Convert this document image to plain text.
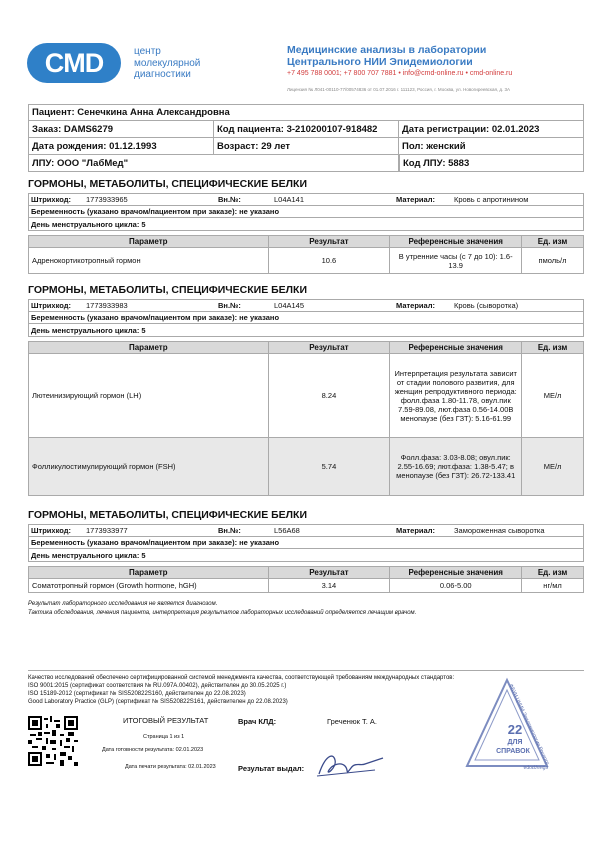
CMD	центр
молекулярной
диагностики
Медицинские анализы в лаборатории
Центрального НИИ Эпидемиологии
+7 495 788 0001; +7 800 707 7881 • info@cmd-online.ru • cmd-online.ru
Лицензия № Л041-00110-77/00574836 от 01.07.2016 г. 111123, Россия, г. Москва, ул. Новогиреевская, д. 3А
Пациент: Сенечкина Анна Александровна
Заказ: DAMS6279	Код пациента: 3-210200107-918482	Дата регистрации: 02.01.2023
Дата рождения: 01.12.1993	Возраст: 29 лет	Пол: женский
ЛПУ: ООО "ЛабМед"	Код ЛПУ: 5883
ГОРМОНЫ, МЕТАБОЛИТЫ, СПЕЦИФИЧЕСКИЕ БЕЛКИ
Штрихкод:	1773933965	Вн.№:	L04A141	Материал:	Кровь с апротинином
Беременность (указано врачом/пациентом при заказе): не указано
День менструального цикла: 5
Параметр	Результат	Референсные значения	Ед. изм
Адренокортикотропный гормон	10.6	В утренние часы (с 7 до 10): 1.6-13.9	пмоль/л
ГОРМОНЫ, МЕТАБОЛИТЫ, СПЕЦИФИЧЕСКИЕ БЕЛКИ
Штрихкод:	1773933983	Вн.№:	L04A145	Материал:	Кровь (сыворотка)
Беременность (указано врачом/пациентом при заказе): не указано
День менструального цикла: 5
Параметр	Результат	Референсные значения	Ед. изм
Лютеинизирующий гормон (LH)	8.24	Интерпретация результата зависит от стадии полового развития, для женщин репродуктивного периода: фолл.фаза 1.80-11.78, овул.пик 7.59-89.08, лют.фаза 0.56-14.00В менопаузе (без ГЗТ): 5.16-61.99	МЕ/л
Фолликулостимулирующий гормон (FSH)	5.74	Фолл.фаза: 3.03-8.08; овул.пик: 2.55-16.69; лют.фаза: 1.38-5.47; в менопаузе (без ГЗТ): 26.72-133.41	МЕ/л
ГОРМОНЫ, МЕТАБОЛИТЫ, СПЕЦИФИЧЕСКИЕ БЕЛКИ
Штрихкод:	1773933977	Вн.№:	L56A68	Материал:	Замороженная сыворотка
Беременность (указано врачом/пациентом при заказе): не указано
День менструального цикла: 5
Параметр	Результат	Референсные значения	Ед. изм
Соматотропный гормон (Growth hormone, hGH)	3.14	0.06-5.00	нг/мл
Результат лабораторного исследования не является диагнозом.
Тактика обследования, лечения пациента, интерпретация результатов лабораторных исследований определяется лечащим врачом.
Качество исследований обеспечено сертифицированной системой менеджмента качества, соответствующей требованиям международных стандартов:
ISO 9001:2015 (сертификат соответствия № RU.097A.00402), действителен до 30.05.2025 г.)
ISO 15189-2012 (сертификат № SIS520822S160, действителен до 22.08.2023)
Good Laboratory Practice (GLP) (сертификат № SIS520822S161, действителен до 22.08.2023)
ИТОГОВЫЙ РЕЗУЛЬТАТ
Страница 1 из 1
Дата готовности результата: 02.01.2023
Дата печати результата: 02.01.2023
Врач КЛД:	Греченюк Т. А.
Результат выдал:
22
ДЛЯ
СПРАВОК
ФБУН ЦНИИ Эпидемиологии Роспотребнадзора
